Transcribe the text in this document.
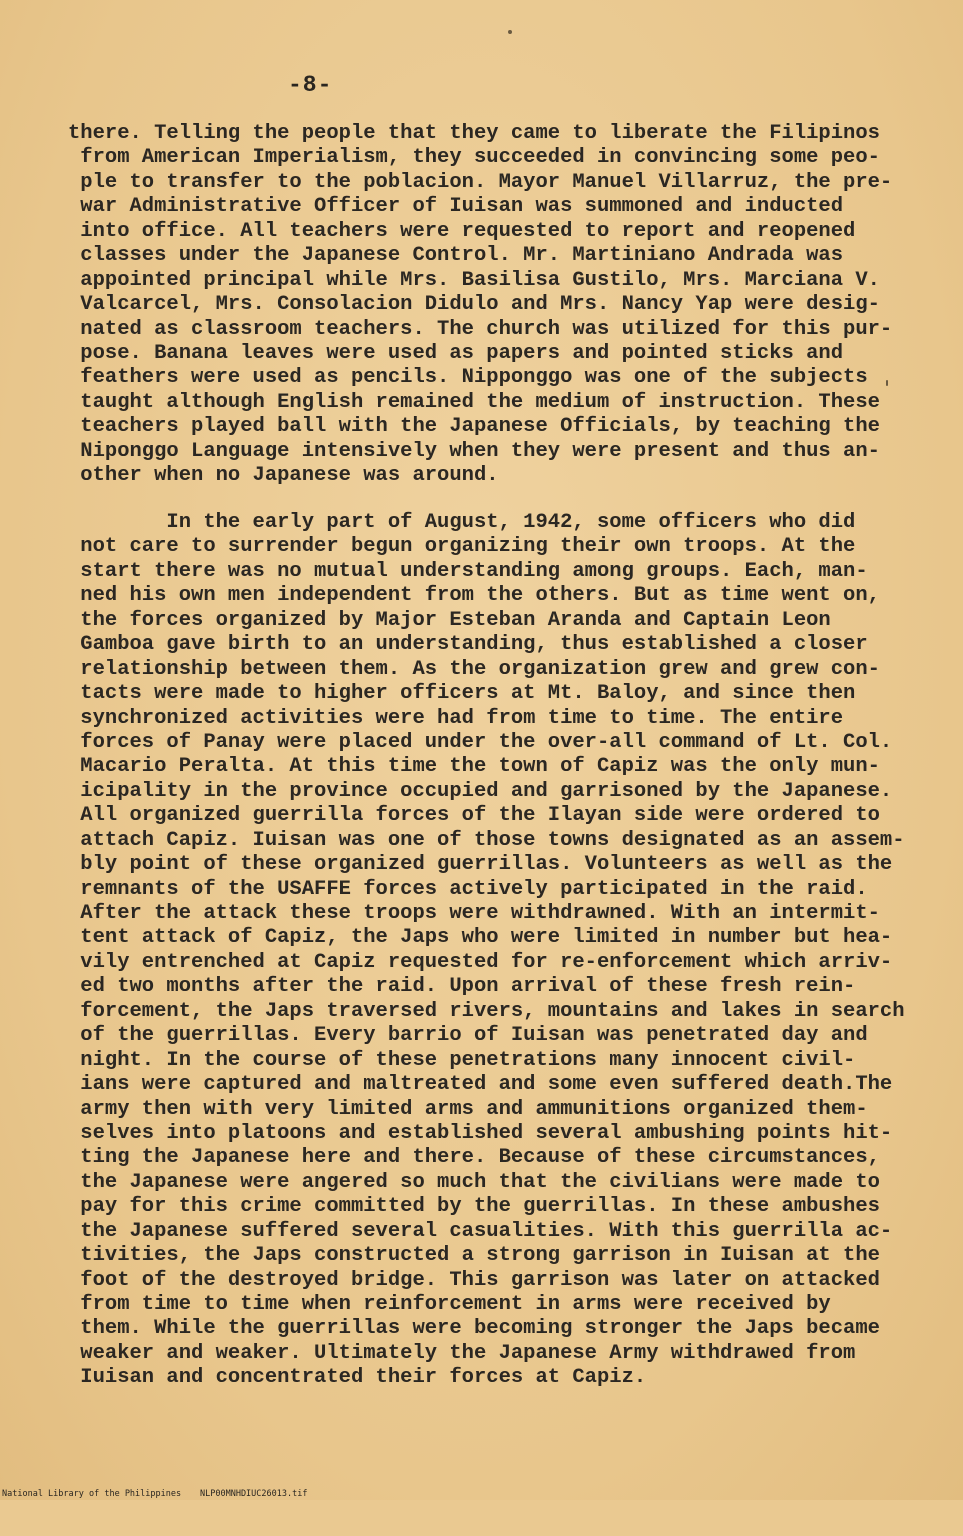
-8-
there. Telling the people that they came to liberate the Filipinos
from American Imperialism, they succeeded in convincing some peo-
ple to transfer to the poblacion. Mayor Manuel Villarruz, the pre-
war Administrative Officer of Iuisan was summoned and inducted
into office. All teachers were requested to report and reopened
classes under the Japanese Control. Mr. Martiniano Andrada was
appointed principal while Mrs. Basilisa Gustilo, Mrs. Marciana V.
Valcarcel, Mrs. Consolacion Didulo and Mrs. Nancy Yap were desig-
nated as classroom teachers. The church was utilized for this pur-
pose. Banana leaves were used as papers and pointed sticks and
feathers were used as pencils. Nipponggo was one of the subjects
taught although English remained the medium of instruction. These
teachers played ball with the Japanese Officials, by teaching the
Niponggo Language intensively when they were present and thus an-
other when no Japanese was around.
In the early part of August, 1942, some officers who did
not care to surrender begun organizing their own troops. At the
start there was no mutual understanding among groups. Each, man-
ned his own men independent from the others. But as time went on,
the forces organized by Major Esteban Aranda and Captain Leon
Gamboa gave birth to an understanding, thus established a closer
relationship between them. As the organization grew and grew con-
tacts were made to higher officers at Mt. Baloy, and since then
synchronized activities were had from time to time. The entire
forces of Panay were placed under the over-all command of Lt. Col.
Macario Peralta. At this time the town of Capiz was the only mun-
icipality in the province occupied and garrisoned by the Japanese.
All organized guerrilla forces of the Ilayan side were ordered to
attach Capiz. Iuisan was one of those towns designated as an assem-
bly point of these organized guerrillas. Volunteers as well as the
remnants of the USAFFE forces actively participated in the raid.
After the attack these troops were withdrawned. With an intermit-
tent attack of Capiz, the Japs who were limited in number but hea-
vily entrenched at Capiz requested for re-enforcement which arriv-
ed two months after the raid. Upon arrival of these fresh rein-
forcement, the Japs traversed rivers, mountains and lakes in search
of the guerrillas. Every barrio of Iuisan was penetrated day and
night. In the course of these penetrations many innocent civil-
ians were captured and maltreated and some even suffered death.The
army then with very limited arms and ammunitions organized them-
selves into platoons and established several ambushing points hit-
ting the Japanese here and there. Because of these circumstances,
the Japanese were angered so much that the civilians were made to
pay for this crime committed by the guerrillas. In these ambushes
the Japanese suffered several casualities. With this guerrilla ac-
tivities, the Japs constructed a strong garrison in Iuisan at the
foot of the destroyed bridge. This garrison was later on attacked
from time to time when reinforcement in arms were received by
them. While the guerrillas were becoming stronger the Japs became
weaker and weaker. Ultimately the Japanese Army withdrawed from
Iuisan and concentrated their forces at Capiz.

National Library of the Philippines

NLP00MNHDIUC26013.tif
